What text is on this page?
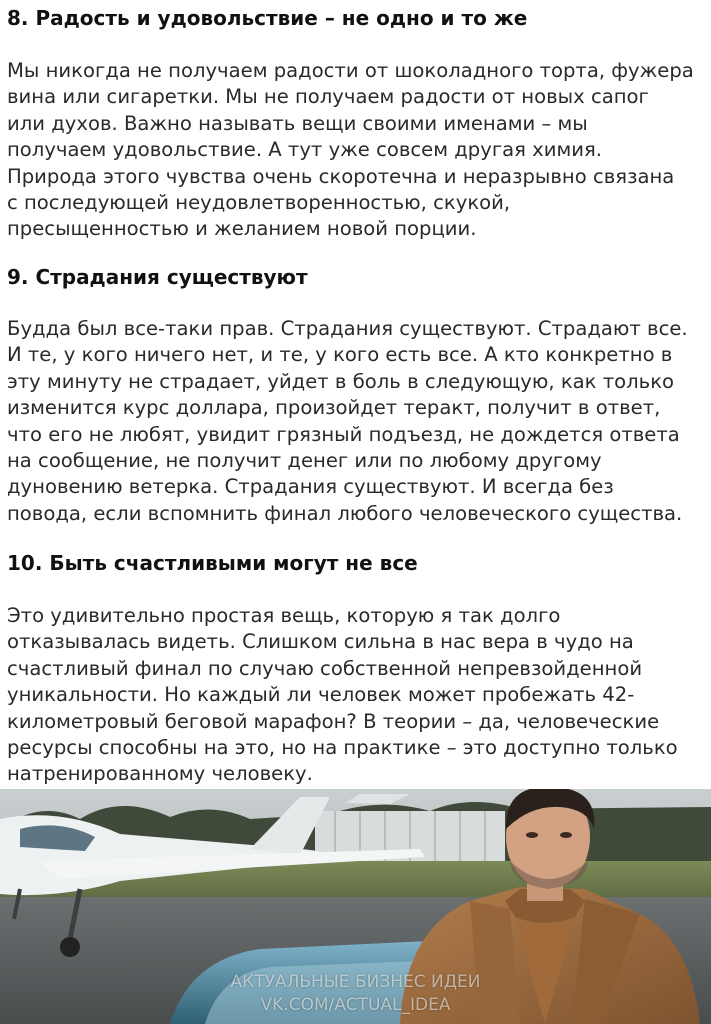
8. Радость и удовольствие – не одно и то же

Мы никогда не получаем радости от шоколадного торта, фужера
вина или сигаретки. Мы не получаем радости от новых сапог
или духов. Важно называть вещи своими именами – мы
получаем удовольствие. А тут уже совсем другая химия.
Природа этого чувства очень скоротечна и неразрывно связана
с последующей неудовлетворенностью, скукой,
пресыщенностью и желанием новой порции.

9. Страдания существуют

Будда был все-таки прав. Страдания существуют. Страдают все.
И те, у кого ничего нет, и те, у кого есть все. А кто конкретно в
эту минуту не страдает, уйдет в боль в следующую, как только
изменится курс доллара, произойдет теракт, получит в ответ,
что его не любят, увидит грязный подъезд, не дождется ответа
на сообщение, не получит денег или по любому другому
дуновению ветерка. Страдания существуют. И всегда без
повода, если вспомнить финал любого человеческого существа.

10. Быть счастливыми могут не все

Это удивительно простая вещь, которую я так долго
отказывалась видеть. Слишком сильна в нас вера в чудо на
счастливый финал по случаю собственной непревзойденной
уникальности. Но каждый ли человек может пробежать 42-
километровый беговой марафон? В теории – да, человеческие
ресурсы способны на это, но на практике – это доступно только
натренированному человеку.

АКТУАЛЬНЫЕ БИЗНЕС ИДЕИ
VK.COM/ACTUAL_IDEA
